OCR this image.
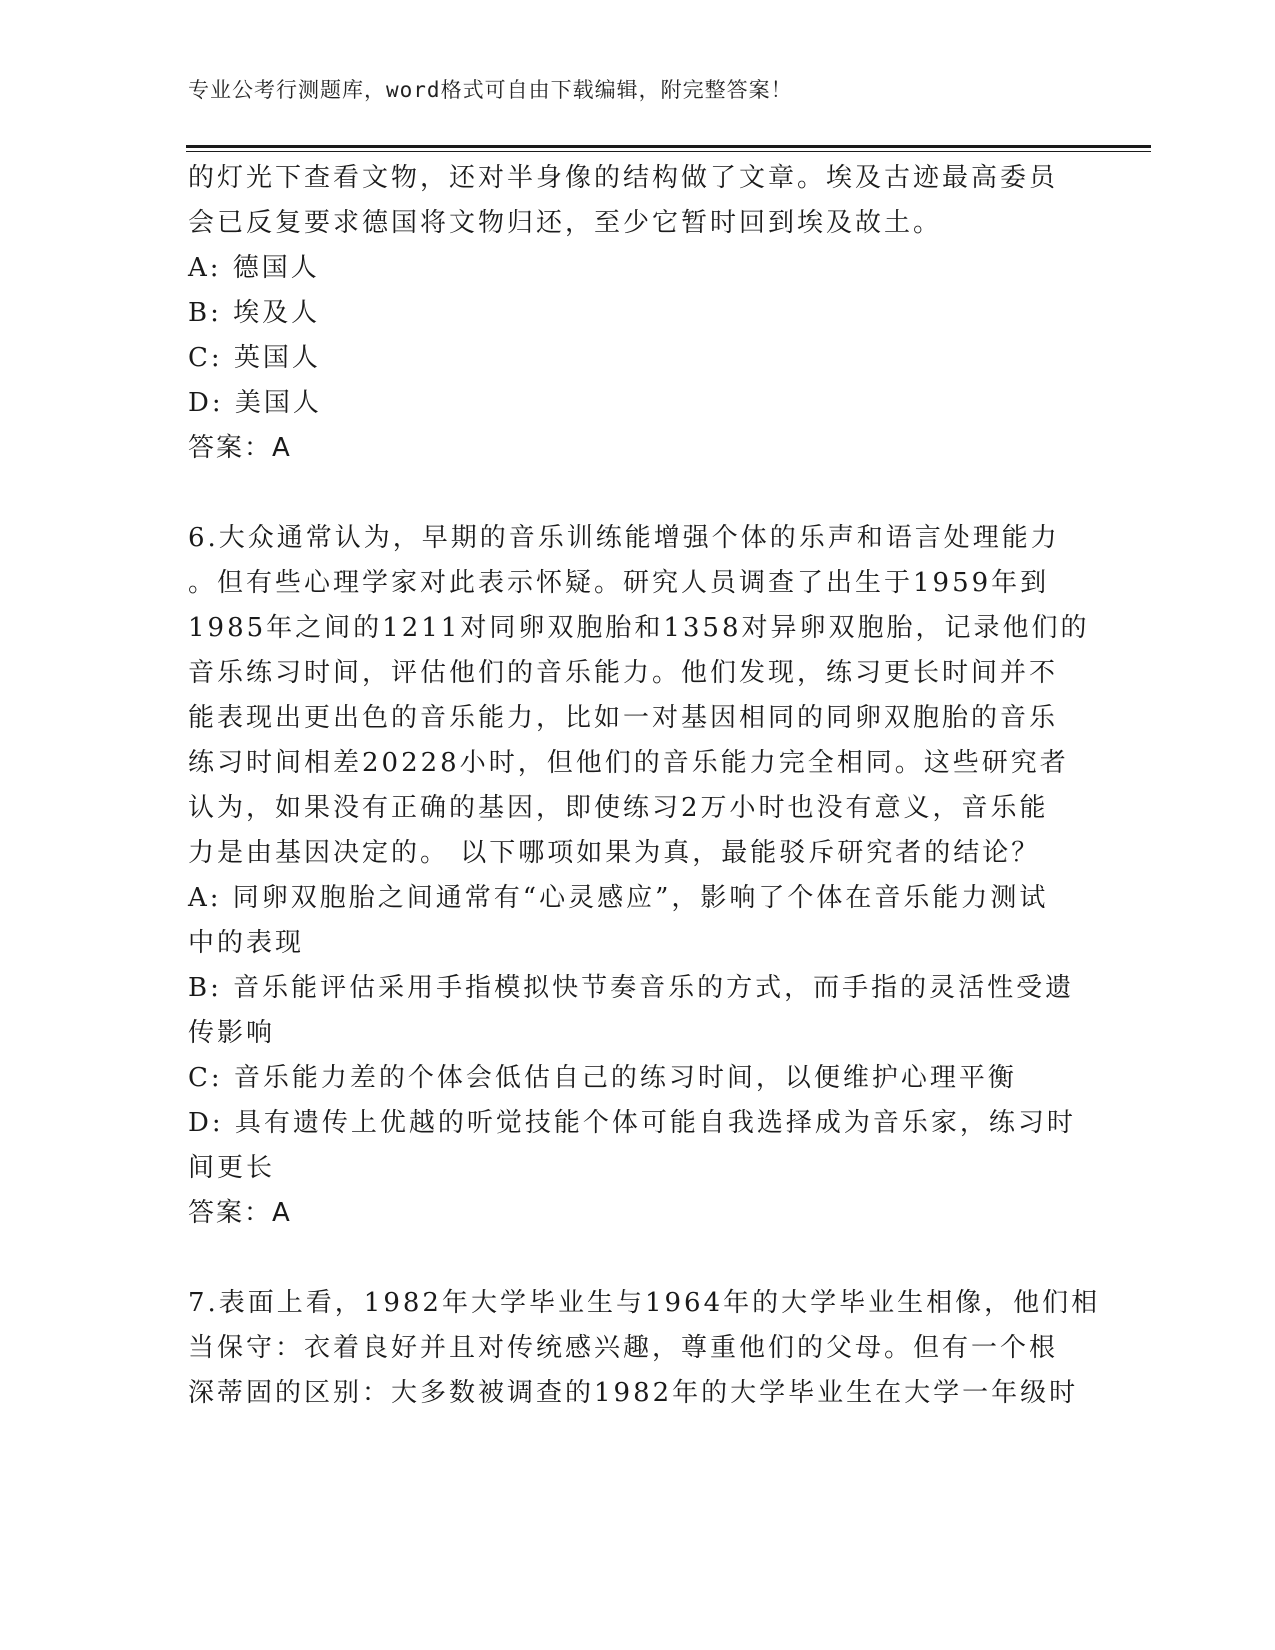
专业公考行测题库，word格式可自由下载编辑，附完整答案！
的灯光下查看文物，还对半身像的结构做了文章。埃及古迹最高委员
会已反复要求德国将文物归还，至少它暂时回到埃及故土。
A: 德国人
B: 埃及人
C: 英国人
D: 美国人
答案：A
6.大众通常认为，早期的音乐训练能增强个体的乐声和语言处理能力
。但有些心理学家对此表示怀疑。研究人员调查了出生于1959年到
1985年之间的1211对同卵双胞胎和1358对异卵双胞胎，记录他们的
音乐练习时间，评估他们的音乐能力。他们发现，练习更长时间并不
能表现出更出色的音乐能力，比如一对基因相同的同卵双胞胎的音乐
练习时间相差20228小时，但他们的音乐能力完全相同。这些研究者
认为，如果没有正确的基因，即使练习2万小时也没有意义，音乐能
力是由基因决定的。 以下哪项如果为真，最能驳斥研究者的结论？
A: 同卵双胞胎之间通常有“心灵感应”，影响了个体在音乐能力测试
中的表现
B: 音乐能评估采用手指模拟快节奏音乐的方式，而手指的灵活性受遗
传影响
C: 音乐能力差的个体会低估自己的练习时间，以便维护心理平衡
D: 具有遗传上优越的听觉技能个体可能自我选择成为音乐家，练习时
间更长
答案：A
7.表面上看，1982年大学毕业生与1964年的大学毕业生相像，他们相
当保守：衣着良好并且对传统感兴趣，尊重他们的父母。但有一个根
深蒂固的区别：大多数被调查的1982年的大学毕业生在大学一年级时
